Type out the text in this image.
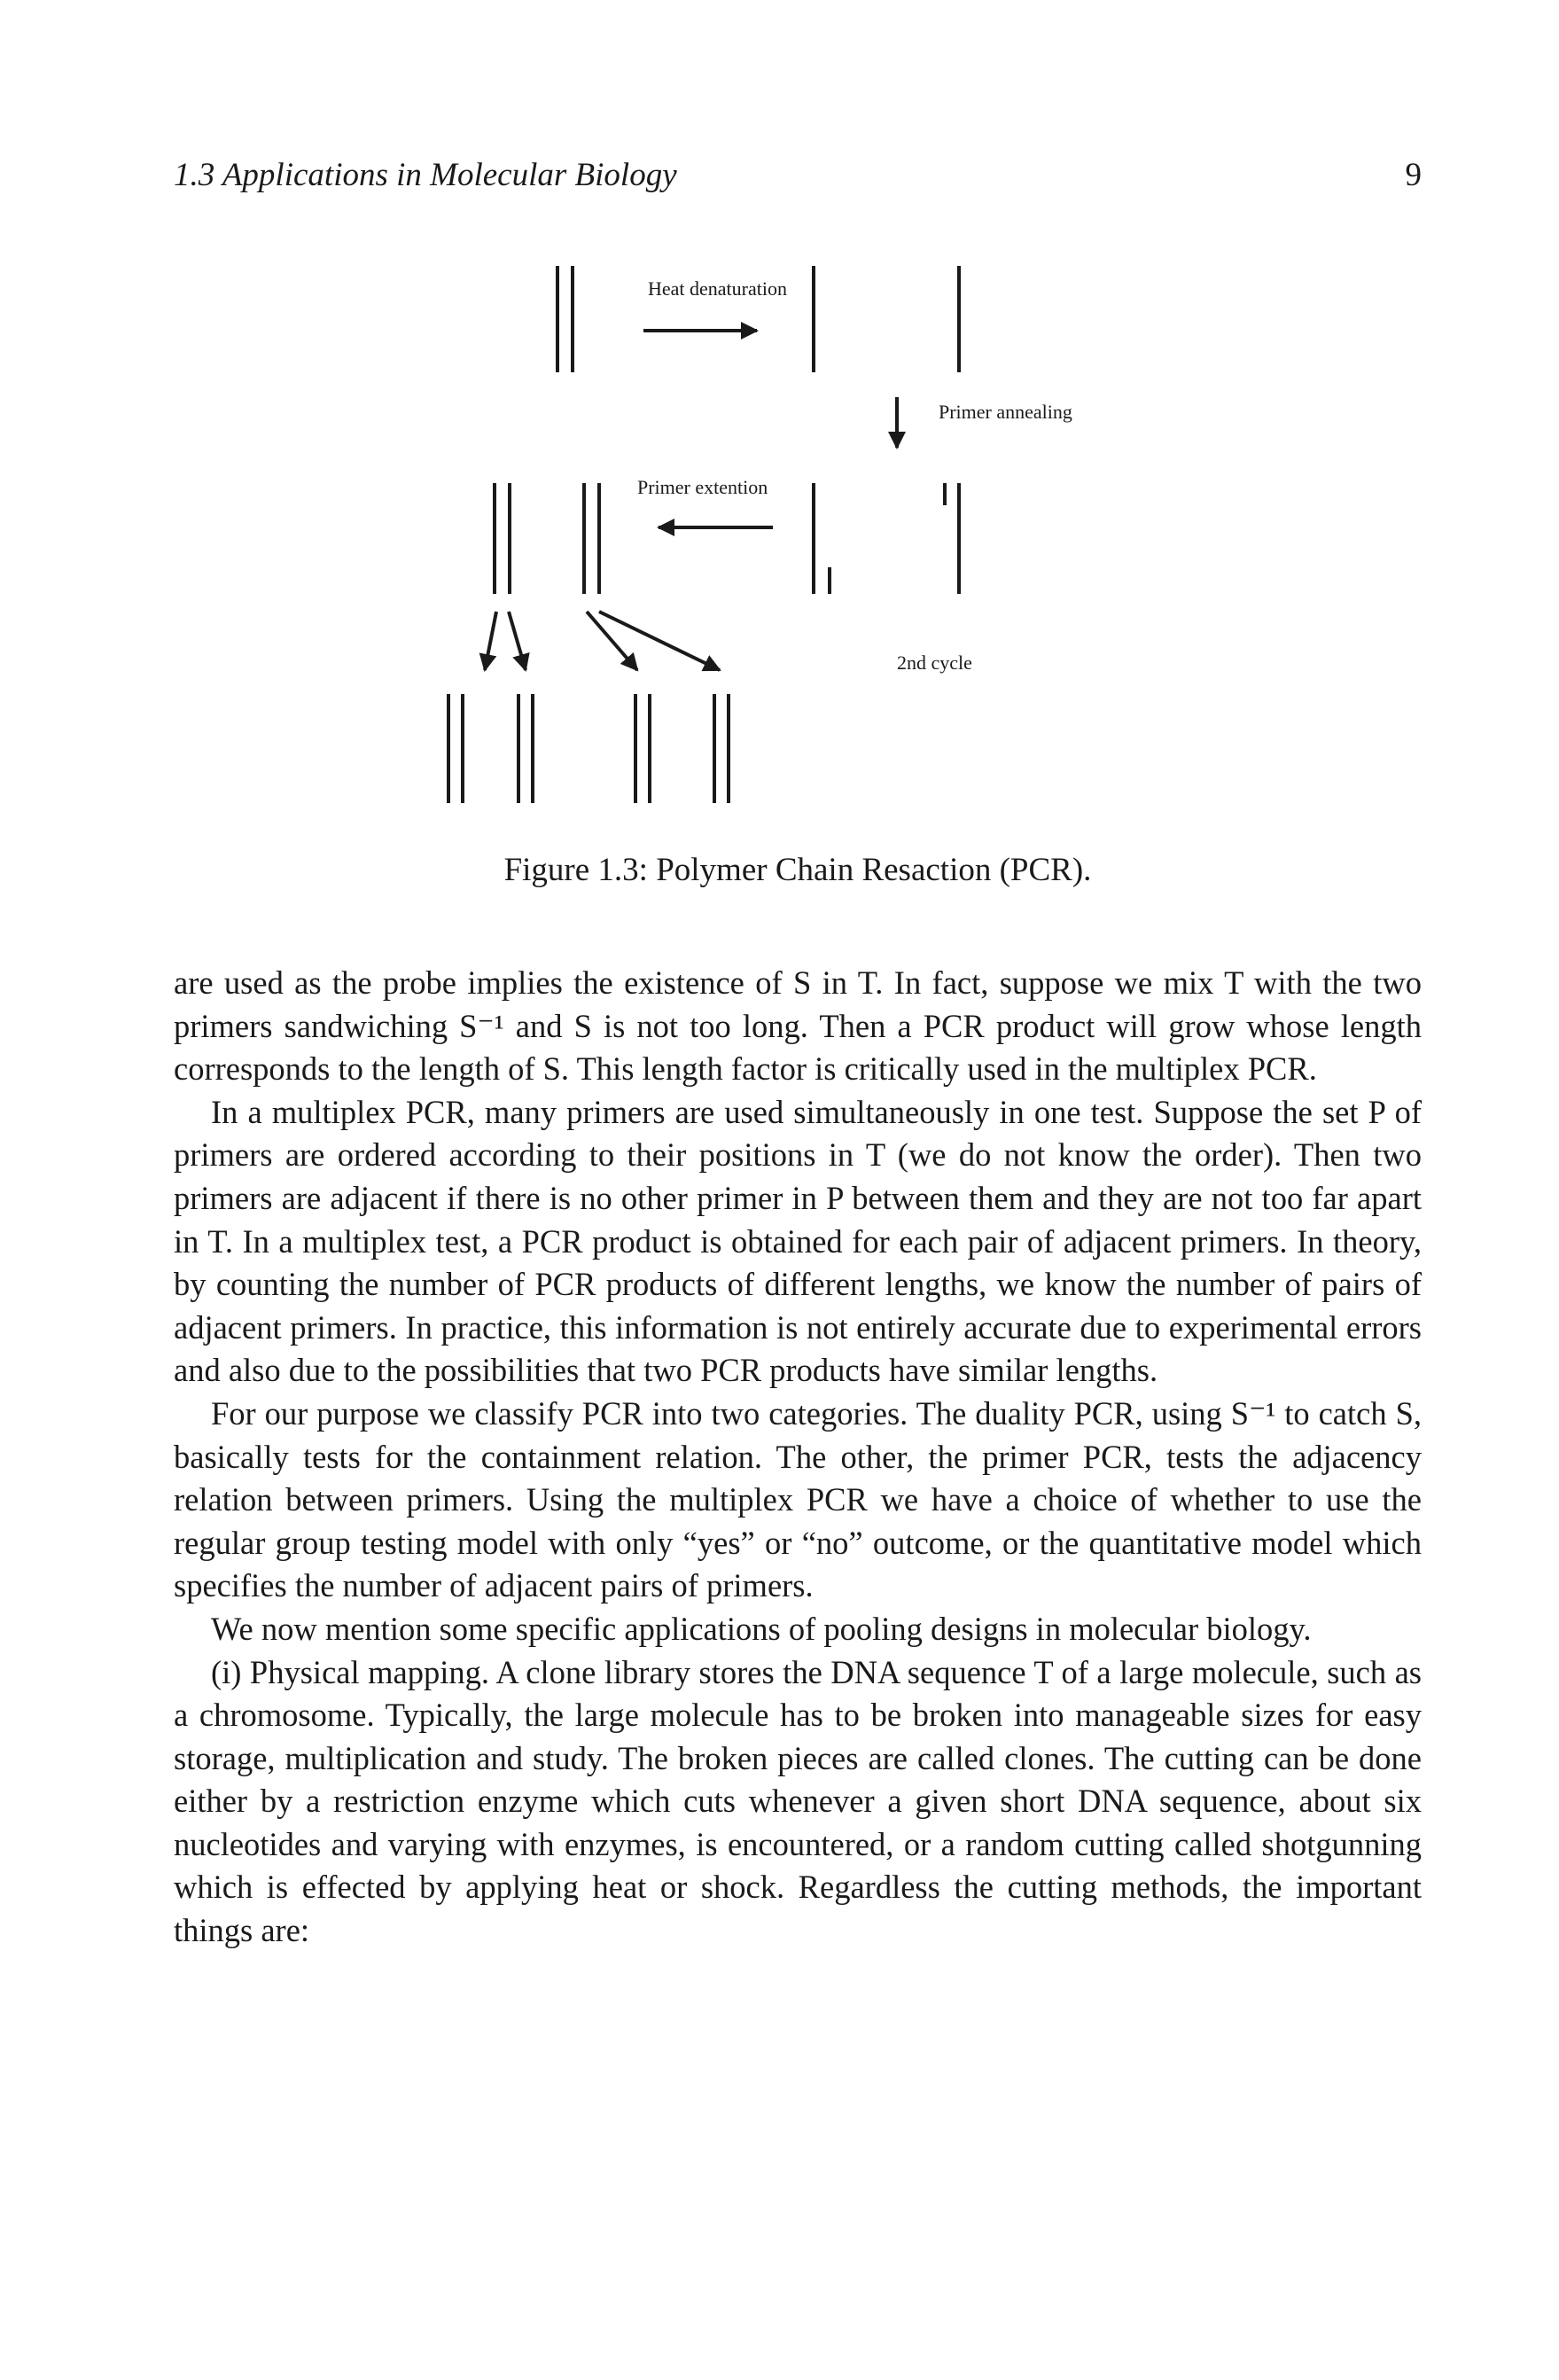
1.3 Applications in Molecular Biology	9
Heat denaturation
Primer annealing
Primer extention
2nd cycle
Figure 1.3: Polymer Chain Resaction (PCR).

are used as the probe implies the existence of S in T. In fact, suppose we mix T with the two primers sandwiching S⁻¹ and S is not too long. Then a PCR product will grow whose length corresponds to the length of S. This length factor is critically used in the multiplex PCR.

In a multiplex PCR, many primers are used simultaneously in one test. Suppose the set P of primers are ordered according to their positions in T (we do not know the order). Then two primers are adjacent if there is no other primer in P between them and they are not too far apart in T. In a multiplex test, a PCR product is obtained for each pair of adjacent primers. In theory, by counting the number of PCR products of different lengths, we know the number of pairs of adjacent primers. In practice, this information is not entirely accurate due to experimental errors and also due to the possibilities that two PCR products have similar lengths.

For our purpose we classify PCR into two categories. The duality PCR, using S⁻¹ to catch S, basically tests for the containment relation. The other, the primer PCR, tests the adjacency relation between primers. Using the multiplex PCR we have a choice of whether to use the regular group testing model with only “yes” or “no” outcome, or the quantitative model which specifies the number of adjacent pairs of primers.

We now mention some specific applications of pooling designs in molecular biology.

(i) Physical mapping. A clone library stores the DNA sequence T of a large molecule, such as a chromosome. Typically, the large molecule has to be broken into manageable sizes for easy storage, multiplication and study. The broken pieces are called clones. The cutting can be done either by a restriction enzyme which cuts whenever a given short DNA sequence, about six nucleotides and varying with enzymes, is encountered, or a random cutting called shotgunning which is effected by applying heat or shock. Regardless the cutting methods, the important things are:
